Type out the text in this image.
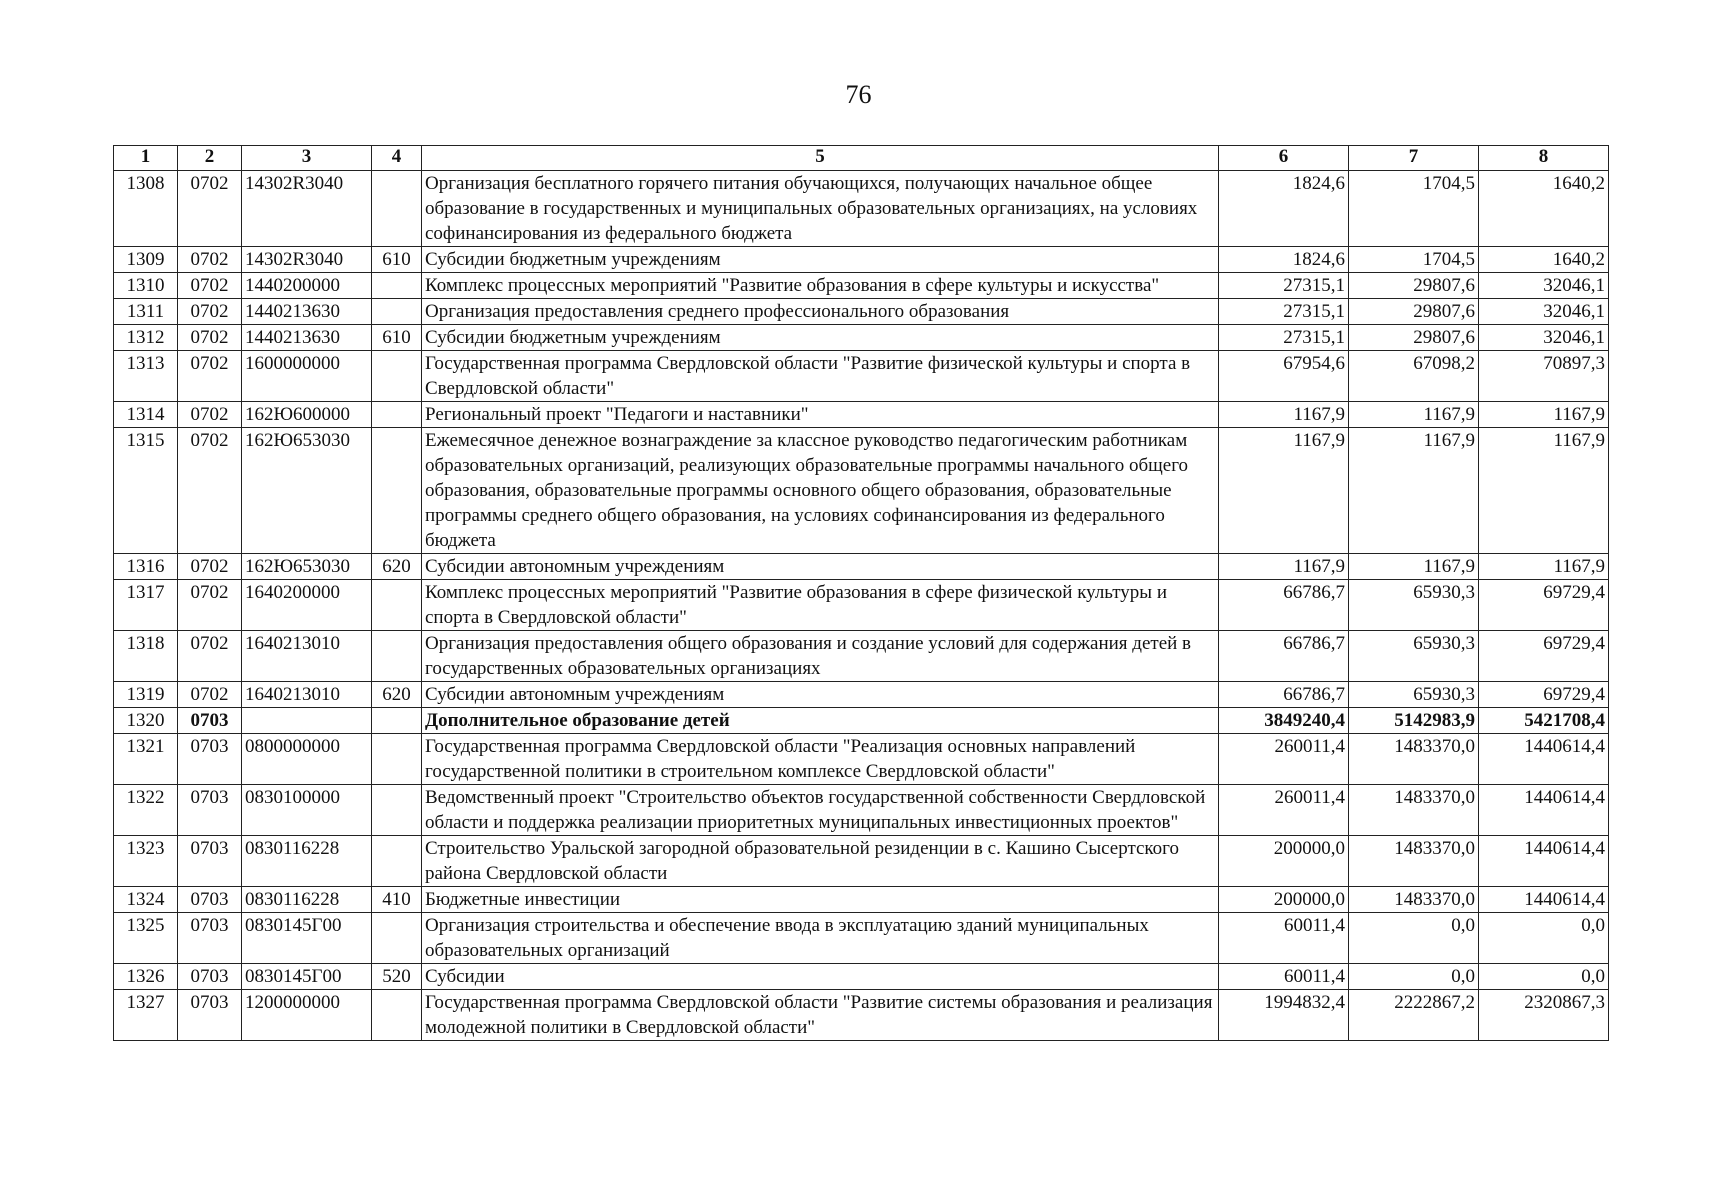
76
1	2	3	4	5	6	7	8
1308	0702	14302R3040		Организация бесплатного горячего питания обучающихся, получающих начальное общее образование в государственных и муниципальных образовательных организациях, на условиях софинансирования из федерального бюджета	1824,6	1704,5	1640,2
1309	0702	14302R3040	610	Субсидии бюджетным учреждениям	1824,6	1704,5	1640,2
1310	0702	1440200000		Комплекс процессных мероприятий "Развитие образования в сфере культуры и искусства"	27315,1	29807,6	32046,1
1311	0702	1440213630		Организация предоставления среднего профессионального образования	27315,1	29807,6	32046,1
1312	0702	1440213630	610	Субсидии бюджетным учреждениям	27315,1	29807,6	32046,1
1313	0702	1600000000		Государственная программа Свердловской области "Развитие физической культуры и спорта в Свердловской области"	67954,6	67098,2	70897,3
1314	0702	162Ю600000		Региональный проект "Педагоги и наставники"	1167,9	1167,9	1167,9
1315	0702	162Ю653030		Ежемесячное денежное вознаграждение за классное руководство педагогическим работникам образовательных организаций, реализующих образовательные программы начального общего образования, образовательные программы основного общего образования, образовательные программы среднего общего образования, на условиях софинансирования из федерального бюджета	1167,9	1167,9	1167,9
1316	0702	162Ю653030	620	Субсидии автономным учреждениям	1167,9	1167,9	1167,9
1317	0702	1640200000		Комплекс процессных мероприятий "Развитие образования в сфере физической культуры и спорта в Свердловской области"	66786,7	65930,3	69729,4
1318	0702	1640213010		Организация предоставления общего образования и создание условий для содержания детей в государственных образовательных организациях	66786,7	65930,3	69729,4
1319	0702	1640213010	620	Субсидии автономным учреждениям	66786,7	65930,3	69729,4
1320	0703			Дополнительное образование детей	3849240,4	5142983,9	5421708,4
1321	0703	0800000000		Государственная программа Свердловской области "Реализация основных направлений государственной политики в строительном комплексе Свердловской области"	260011,4	1483370,0	1440614,4
1322	0703	0830100000		Ведомственный проект "Строительство объектов государственной собственности Свердловской области и поддержка реализации приоритетных муниципальных инвестиционных проектов"	260011,4	1483370,0	1440614,4
1323	0703	0830116228		Строительство Уральской загородной образовательной резиденции в с. Кашино Сысертского района Свердловской области	200000,0	1483370,0	1440614,4
1324	0703	0830116228	410	Бюджетные инвестиции	200000,0	1483370,0	1440614,4
1325	0703	0830145Г00		Организация строительства и обеспечение ввода в эксплуатацию зданий муниципальных образовательных организаций	60011,4	0,0	0,0
1326	0703	0830145Г00	520	Субсидии	60011,4	0,0	0,0
1327	0703	1200000000		Государственная программа Свердловской области "Развитие системы образования и реализация молодежной политики в Свердловской области"	1994832,4	2222867,2	2320867,3
